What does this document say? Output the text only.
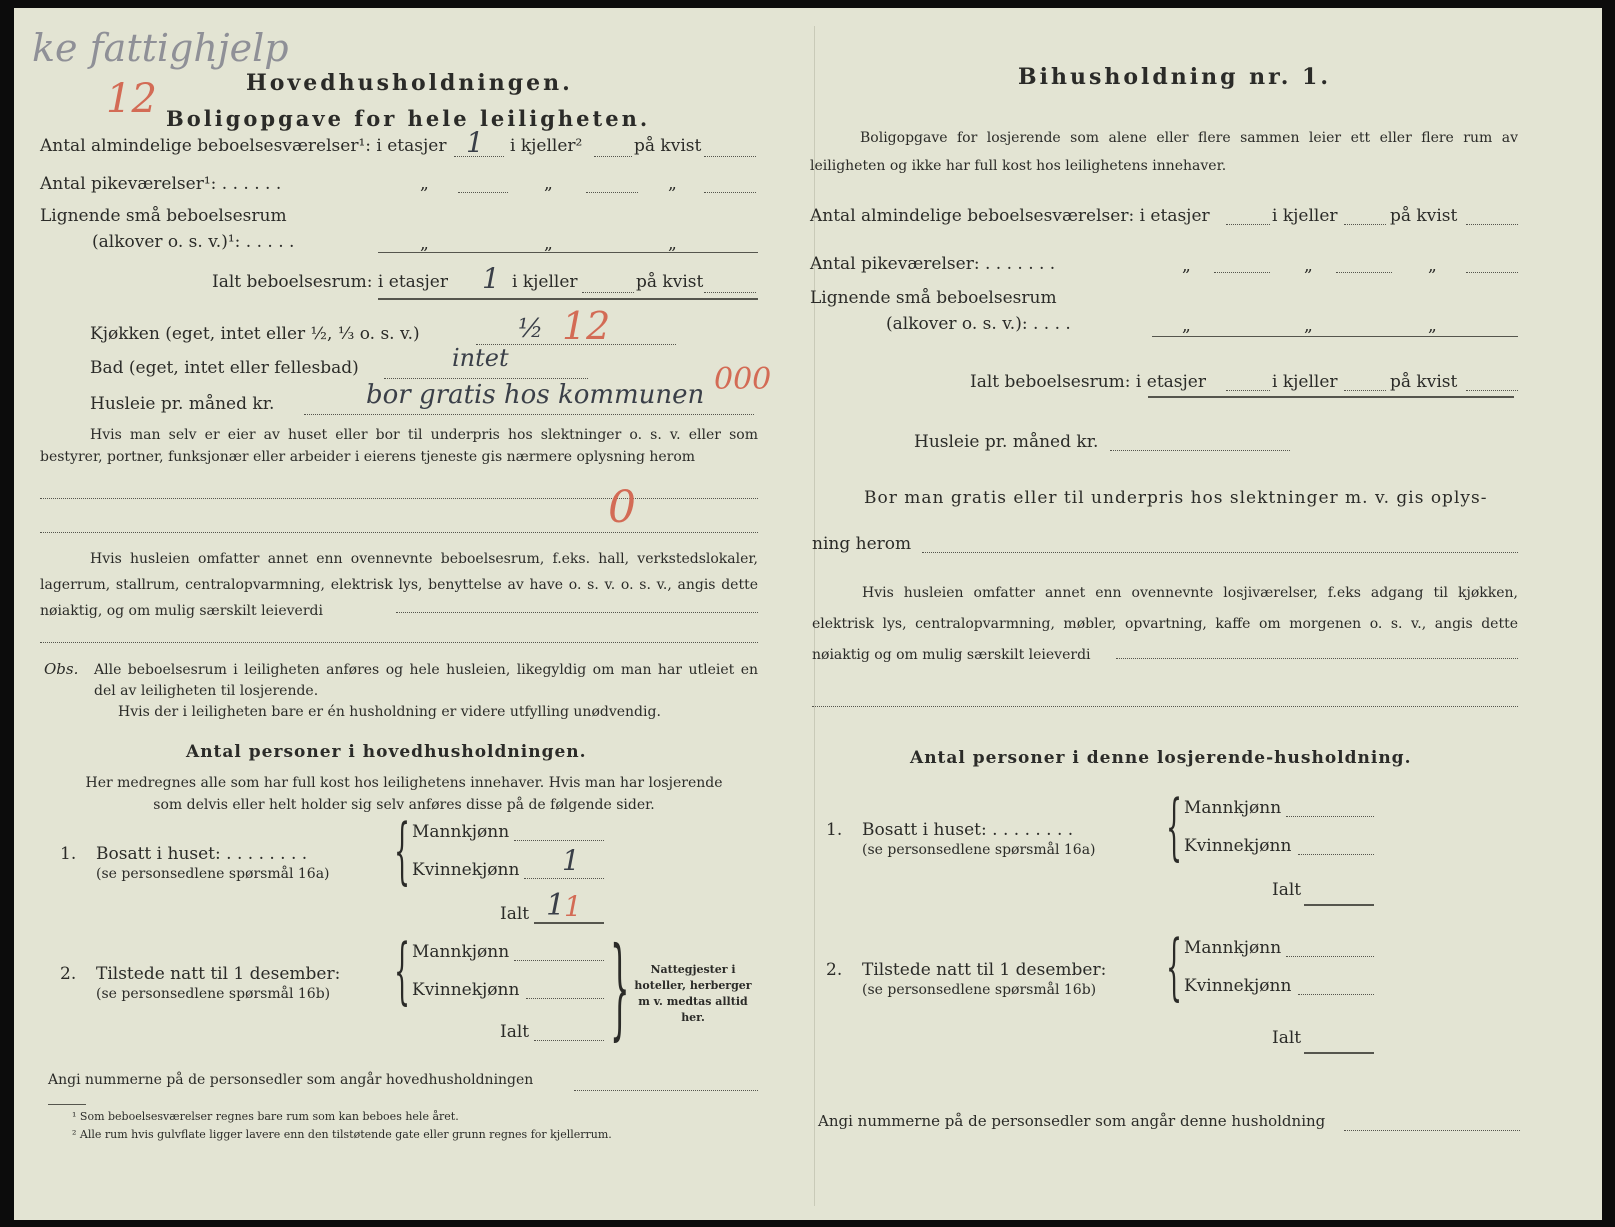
ke fattighjelp
12	Hovedhusholdningen.
Boligopgave for hele leiligheten.
Antal almindelige beboelsesværelser¹: i etasjer 1 i kjeller²	på kvist
Antal pikeværelser¹: . . . . . .	„	„	„
Lignende små beboelsesrum
(alkover o. s. v.)¹: . . . . .	„	„	„
Ialt beboelsesrum: i etasjer 1 i kjeller	på kvist
Kjøkken (eget, intet eller ½, ⅓ o. s. v.)	½ 12
Bad (eget, intet eller fellesbad)	intet
Husleie pr. måned kr.	bor gratis hos kommunen 000
Hvis man selv er eier av huset eller bor til underpris hos slektninger o. s. v. eller som bestyrer, portner, funksjonær eller arbeider i eierens tjeneste gis nærmere oplysning herom
0
Hvis husleien omfatter annet enn ovennevnte beboelsesrum, f.eks. hall, verkstedslokaler, lagerrum, stallrum, centralopvarmning, elektrisk lys, benyttelse av have o. s. v. o. s. v., angis dette nøiaktig, og om mulig særskilt leieverdi
Obs. Alle beboelsesrum i leiligheten anføres og hele husleien, likegyldig om man har utleiet en del av leiligheten til losjerende.
Hvis der i leiligheten bare er én husholdning er videre utfylling unødvendig.
Antal personer i hovedhusholdningen.
Her medregnes alle som har full kost hos leilighetens innehaver. Hvis man har losjerende som delvis eller helt holder sig selv anføres disse på de følgende sider.
1. Bosatt i huset: . . . . . . . .
(se personsedlene spørsmål 16a) { Mannkjønn
Kvinnekjønn 1
Ialt 1
1
2. Tilstede natt til 1 desember:
(se personsedlene spørsmål 16b) { Mannkjønn
Kvinnekjønn
Ialt }	Nattegjester i hoteller, herberger m v. medtas alltid her.
Angi nummerne på de personsedler som angår hovedhusholdningen
¹ Som beboelsesværelser regnes bare rum som kan beboes hele året.
² Alle rum hvis gulvflate ligger lavere enn den tilstøtende gate eller grunn regnes for kjellerrum.
Bihusholdning nr. 1.
Boligopgave for losjerende som alene eller flere sammen leier ett eller flere rum av leiligheten og ikke har full kost hos leilighetens innehaver.
Antal almindelige beboelsesværelser: i etasjer	i kjeller	på kvist
Antal pikeværelser: . . . . . . .	„	„	„
Lignende små beboelsesrum
(alkover o. s. v.): . . . .	„	„	„
Ialt beboelsesrum: i etasjer	i kjeller	på kvist
Husleie pr. måned kr.
Bor man gratis eller til underpris hos slektninger m. v. gis oplys-
ning herom
Hvis husleien omfatter annet enn ovennevnte losjiværelser, f.eks adgang til kjøkken, elektrisk lys, centralopvarmning, møbler, opvartning, kaffe om morgenen o. s. v., angis dette nøiaktig og om mulig særskilt leieverdi
Antal personer i denne losjerende-husholdning.
1. Bosatt i huset: . . . . . . . .
(se personsedlene spørsmål 16a) { Mannkjønn
Kvinnekjønn
Ialt
2. Tilstede natt til 1 desember:
(se personsedlene spørsmål 16b) { Mannkjønn
Kvinnekjønn
Ialt
Angi nummerne på de personsedler som angår denne husholdning
